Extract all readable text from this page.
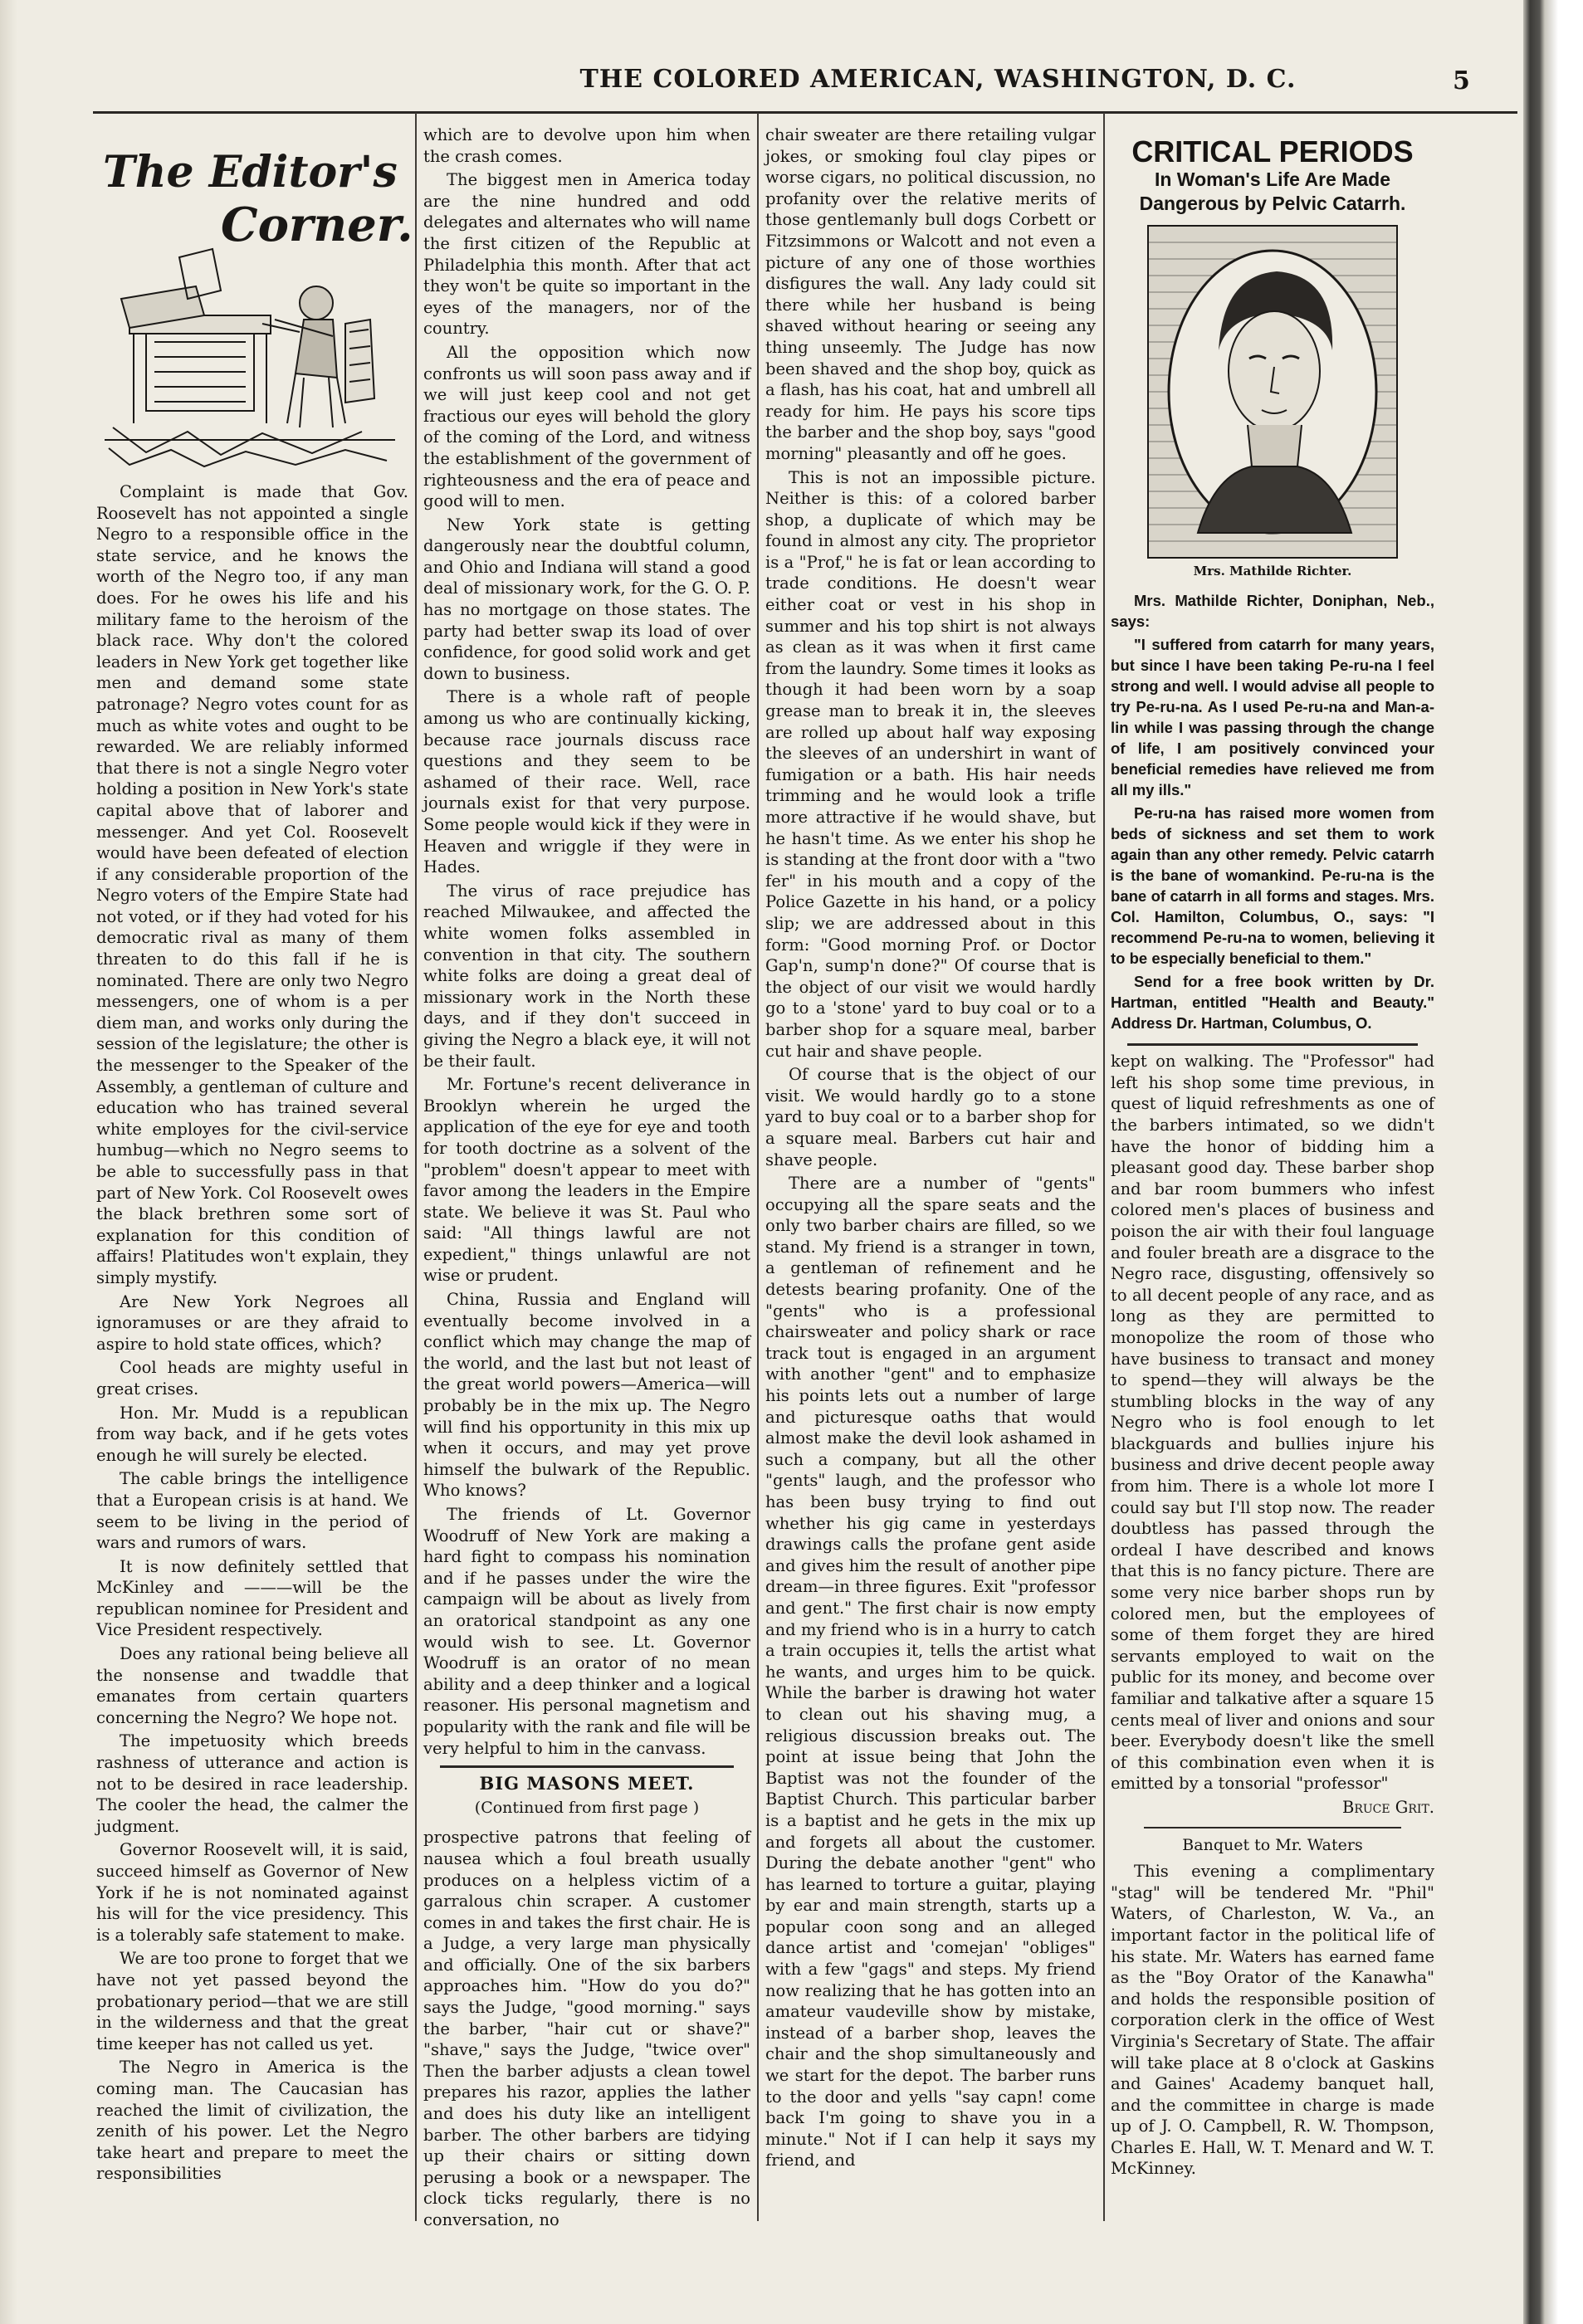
THE COLORED AMERICAN, WASHINGTON, D. C.	5
The Editor's
Corner.

Complaint is made that Gov. Roosevelt has not appointed a single Negro to a responsible office in the state service, and he knows the worth of the Negro too, if any man does. For he owes his life and his military fame to the heroism of the black race. Why don't the colored leaders in New York get together like men and demand some state patronage? Negro votes count for as much as white votes and ought to be rewarded. We are reliably informed that there is not a single Negro voter holding a position in New York's state capital above that of laborer and messenger. And yet Col. Roosevelt would have been defeated of election if any considerable proportion of the Negro voters of the Empire State had not voted, or if they had voted for his democratic rival as many of them threaten to do this fall if he is nominated. There are only two Negro messengers, one of whom is a per diem man, and works only during the session of the legislature; the other is the messenger to the Speaker of the Assembly, a gentleman of culture and education who has trained several white employes for the civil-service humbug—which no Negro seems to be able to successfully pass in that part of New York. Col Roosevelt owes the black brethren some sort of explanation for this condition of affairs! Platitudes won't explain, they simply mystify.

Are New York Negroes all ignoramuses or are they afraid to aspire to hold state offices, which?

Cool heads are mighty useful in great crises.

Hon. Mr. Mudd is a republican from way back, and if he gets votes enough he will surely be elected.

The cable brings the intelligence that a European crisis is at hand. We seem to be living in the period of wars and rumors of wars.

It is now definitely settled that McKinley and ———will be the republican nominee for President and Vice President respectively.

Does any rational being believe all the nonsense and twaddle that emanates from certain quarters concerning the Negro? We hope not.

The impetuosity which breeds rashness of utterance and action is not to be desired in race leadership. The cooler the head, the calmer the judgment.

Governor Roosevelt will, it is said, succeed himself as Governor of New York if he is not nominated against his will for the vice presidency. This is a tolerably safe statement to make.

We are too prone to forget that we have not yet passed beyond the probationary period—that we are still in the wilderness and that the great time keeper has not called us yet.

The Negro in America is the coming man. The Caucasian has reached the limit of civilization, the zenith of his power. Let the Negro take heart and prepare to meet the responsibilities

which are to devolve upon him when the crash comes.

The biggest men in America today are the nine hundred and odd delegates and alternates who will name the first citizen of the Republic at Philadelphia this month. After that act they won't be quite so important in the eyes of the managers, nor of the country.

All the opposition which now confronts us will soon pass away and if we will just keep cool and not get fractious our eyes will behold the glory of the coming of the Lord, and witness the establishment of the government of righteousness and the era of peace and good will to men.

New York state is getting dangerously near the doubtful column, and Ohio and Indiana will stand a good deal of missionary work, for the G. O. P. has no mortgage on those states. The party had better swap its load of over confidence, for good solid work and get down to business.

There is a whole raft of people among us who are continually kicking, because race journals discuss race questions and they seem to be ashamed of their race. Well, race journals exist for that very purpose. Some people would kick if they were in Heaven and wriggle if they were in Hades.

The virus of race prejudice has reached Milwaukee, and affected the white women folks assembled in convention in that city. The southern white folks are doing a great deal of missionary work in the North these days, and if they don't succeed in giving the Negro a black eye, it will not be their fault.

Mr. Fortune's recent deliverance in Brooklyn wherein he urged the application of the eye for eye and tooth for tooth doctrine as a solvent of the "problem" doesn't appear to meet with favor among the leaders in the Empire state. We believe it was St. Paul who said: "All things lawful are not expedient," things unlawful are not wise or prudent.

China, Russia and England will eventually become involved in a conflict which may change the map of the world, and the last but not least of the great world powers—America—will probably be in the mix up. The Negro will find his opportunity in this mix up when it occurs, and may yet prove himself the bulwark of the Republic. Who knows?

The friends of Lt. Governor Woodruff of New York are making a hard fight to compass his nomination and if he passes under the wire the campaign will be about as lively from an oratorical standpoint as any one would wish to see. Lt. Governor Woodruff is an orator of no mean ability and a deep thinker and a logical reasoner. His personal magnetism and popularity with the rank and file will be very helpful to him in the canvass.

BIG MASONS MEET.
(Continued from first page )

prospective patrons that feeling of nausea which a foul breath usually produces on a helpless victim of a garralous chin scraper. A customer comes in and takes the first chair. He is a Judge, a very large man physically and officially. One of the six barbers approaches him. "How do you do?" says the Judge, "good morning." says the barber, "hair cut or shave?" "shave," says the Judge, "twice over" Then the barber adjusts a clean towel prepares his razor, applies the lather and does his duty like an intelligent barber. The other barbers are tidying up their chairs or sitting down perusing a book or a newspaper. The clock ticks regularly, there is no conversation, no

chair sweater are there retailing vulgar jokes, or smoking foul clay pipes or worse cigars, no political discussion, no profanity over the relative merits of those gentlemanly bull dogs Corbett or Fitzsimmons or Walcott and not even a picture of any one of those worthies disfigures the wall. Any lady could sit there while her husband is being shaved without hearing or seeing any thing unseemly. The Judge has now been shaved and the shop boy, quick as a flash, has his coat, hat and umbrell all ready for him. He pays his score tips the barber and the shop boy, says "good morning" pleasantly and off he goes.

This is not an impossible picture. Neither is this: of a colored barber shop, a duplicate of which may be found in almost any city. The proprietor is a "Prof," he is fat or lean according to trade conditions. He doesn't wear either coat or vest in his shop in summer and his top shirt is not always as clean as it was when it first came from the laundry. Some times it looks as though it had been worn by a soap grease man to break it in, the sleeves are rolled up about half way exposing the sleeves of an undershirt in want of fumigation or a bath. His hair needs trimming and he would look a trifle more attractive if he would shave, but he hasn't time. As we enter his shop he is standing at the front door with a "two fer" in his mouth and a copy of the Police Gazette in his hand, or a policy slip; we are addressed about in this form: "Good morning Prof. or Doctor Gap'n, sump'n done?" Of course that is the object of our visit we would hardly go to a 'stone' yard to buy coal or to a barber shop for a square meal, barber cut hair and shave people.

Of course that is the object of our visit. We would hardly go to a stone yard to buy coal or to a barber shop for a square meal. Barbers cut hair and shave people.

There are a number of "gents" occupying all the spare seats and the only two barber chairs are filled, so we stand. My friend is a stranger in town, a gentleman of refinement and he detests bearing profanity. One of the "gents" who is a professional chairsweater and policy shark or race track tout is engaged in an argument with another "gent" and to emphasize his points lets out a number of large and picturesque oaths that would almost make the devil look ashamed in such a company, but all the other "gents" laugh, and the professor who has been busy trying to find out whether his gig came in yesterdays drawings calls the profane gent aside and gives him the result of another pipe dream—in three figures. Exit "professor and gent." The first chair is now empty and my friend who is in a hurry to catch a train occupies it, tells the artist what he wants, and urges him to be quick. While the barber is drawing hot water to clean out his shaving mug, a religious discussion breaks out. The point at issue being that John the Baptist was not the founder of the Baptist Church. This particular barber is a baptist and he gets in the mix up and forgets all about the customer. During the debate another "gent" who has learned to torture a guitar, playing by ear and main strength, starts up a popular coon song and an alleged dance artist and 'comejan' "obliges" with a few "gags" and steps. My friend now realizing that he has gotten into an amateur vaudeville show by mistake, instead of a barber shop, leaves the chair and the shop simultaneously and we start for the depot. The barber runs to the door and yells "say capn! come back I'm going to shave you in a minute." Not if I can help it says my friend, and

CRITICAL PERIODS
In Woman's Life Are Made Dangerous by Pelvic Catarrh.
Mrs. Mathilde Richter.

Mrs. Mathilde Richter, Doniphan, Neb., says:

"I suffered from catarrh for many years, but since I have been taking Pe-ru-na I feel strong and well. I would advise all people to try Pe-ru-na. As I used Pe-ru-na and Man-a-lin while I was passing through the change of life, I am positively convinced your beneficial remedies have relieved me from all my ills."

Pe-ru-na has raised more women from beds of sickness and set them to work again than any other remedy. Pelvic catarrh is the bane of womankind. Pe-ru-na is the bane of catarrh in all forms and stages. Mrs. Col. Hamilton, Columbus, O., says: "I recommend Pe-ru-na to women, believing it to be especially beneficial to them."

Send for a free book written by Dr. Hartman, entitled "Health and Beauty." Address Dr. Hartman, Columbus, O.

kept on walking. The "Professor" had left his shop some time previous, in quest of liquid refreshments as one of the barbers intimated, so we didn't have the honor of bidding him a pleasant good day. These barber shop and bar room bummers who infest colored men's places of business and poison the air with their foul language and fouler breath are a disgrace to the Negro race, disgusting, offensively so to all decent people of any race, and as long as they are permitted to monopolize the room of those who have business to transact and money to spend—they will always be the stumbling blocks in the way of any Negro who is fool enough to let blackguards and bullies injure his business and drive decent people away from him. There is a whole lot more I could say but I'll stop now. The reader doubtless has passed through the ordeal I have described and knows that this is no fancy picture. There are some very nice barber shops run by colored men, but the employees of some of them forget they are hired servants employed to wait on the public for its money, and become over familiar and talkative after a square 15 cents meal of liver and onions and sour beer. Everybody doesn't like the smell of this combination even when it is emitted by a tonsorial "professor"

Bruce Grit.

Banquet to Mr. Waters

This evening a complimentary "stag" will be tendered Mr. "Phil" Waters, of Charleston, W. Va., an important factor in the political life of his state. Mr. Waters has earned fame as the "Boy Orator of the Kanawha" and holds the responsible position of corporation clerk in the office of West Virginia's Secretary of State. The affair will take place at 8 o'clock at Gaskins and Gaines' Academy banquet hall, and the committee in charge is made up of J. O. Campbell, R. W. Thompson, Charles E. Hall, W. T. Menard and W. T. McKinney.
